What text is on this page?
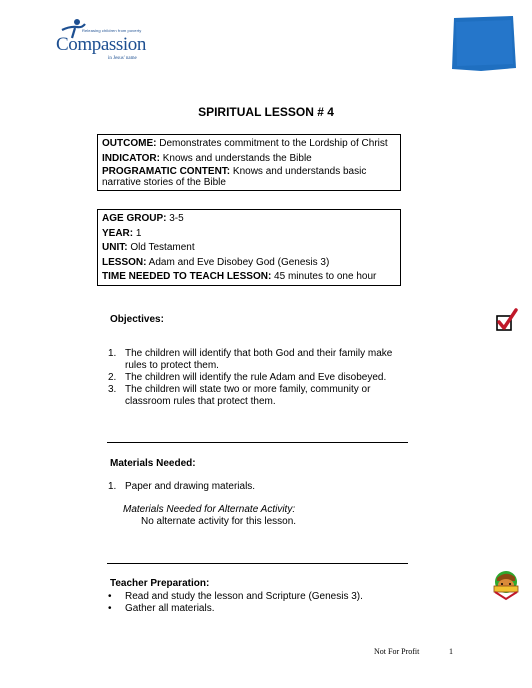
Releasing children from poverty
Compassion
in Jesus' name
SPIRITUAL LESSON # 4
OUTCOME: Demonstrates commitment to the Lordship of Christ
INDICATOR: Knows and understands the Bible
PROGRAMATIC CONTENT: Knows and understands basic narrative stories of the Bible
AGE GROUP: 3-5
YEAR: 1
UNIT: Old Testament
LESSON: Adam and Eve Disobey God (Genesis 3)
TIME NEEDED TO TEACH LESSON: 45 minutes to one hour
Objectives:
1. The children will identify that both God and their family make rules to protect them.
2. The children will identify the rule Adam and Eve disobeyed.
3. The children will state two or more family, community or classroom rules that protect them.
Materials Needed:
1. Paper and drawing materials.
Materials Needed for Alternate Activity:
No alternate activity for this lesson.
Teacher Preparation:
• Read and study the lesson and Scripture (Genesis 3).
• Gather all materials.
Not For Profit	1
